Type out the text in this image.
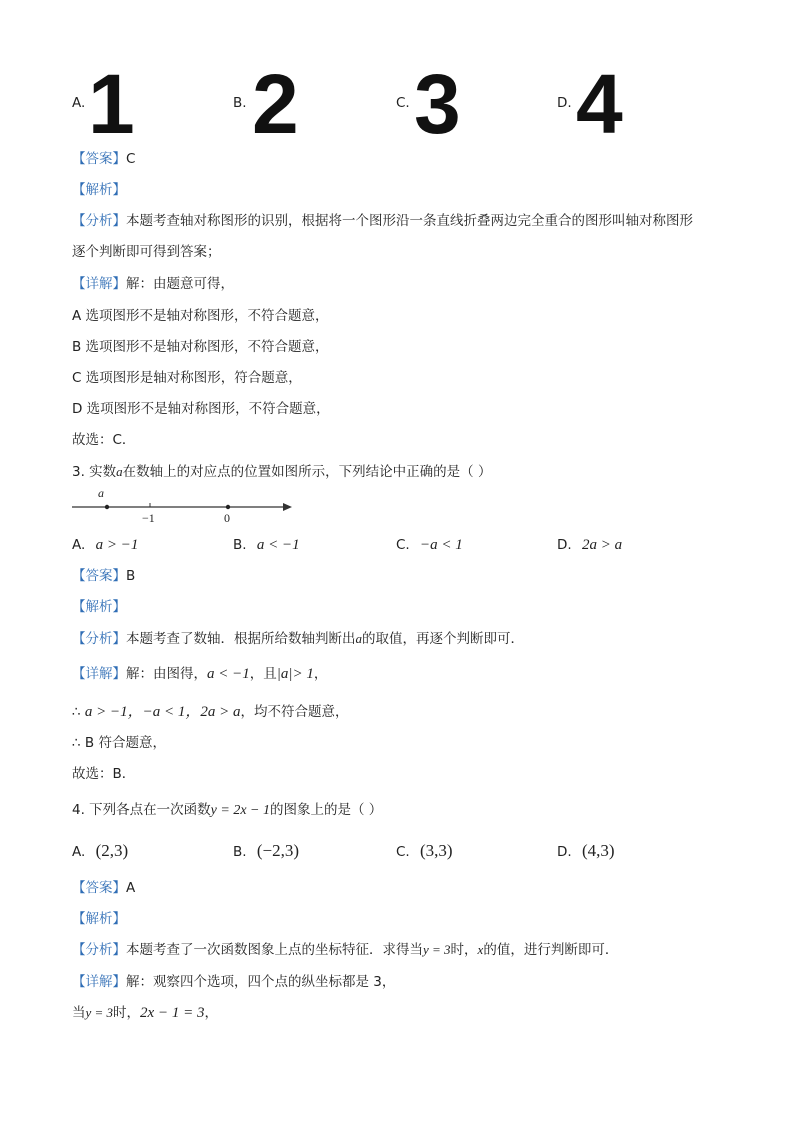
A. 1	B. 2	C. 3	D. 4
【答案】C
【解析】
【分析】本题考查轴对称图形的识别，根据将一个图形沿一条直线折叠两边完全重合的图形叫轴对称图形
逐个判断即可得到答案；
【详解】解：由题意可得，
A 选项图形不是轴对称图形，不符合题意，
B 选项图形不是轴对称图形，不符合题意，
C 选项图形是轴对称图形，符合题意，
D 选项图形不是轴对称图形，不符合题意，
故选：C．
3. 实数a在数轴上的对应点的位置如图所示，下列结论中正确的是（ ）
a
−1	0
A. a > −1	B. a < −1	C. −a < 1	D. 2a > a
【答案】B
【解析】
【分析】本题考查了数轴．根据所给数轴判断出a的取值，再逐个判断即可．
【详解】解：由图得，a < −1，且|a|> 1，
∴ a > −1，−a < 1，2a > a，均不符合题意，
∴ B 符合题意，
故选：B．
4. 下列各点在一次函数y = 2x − 1的图象上的是（ ）
A. (2,3)	B. (−2,3)	C. (3,3)	D. (4,3)
【答案】A
【解析】
【分析】本题考查了一次函数图象上点的坐标特征．求得当y = 3时，x的值，进行判断即可．
【详解】解：观察四个选项，四个点的纵坐标都是 3，
当y = 3时，2x − 1 = 3，
